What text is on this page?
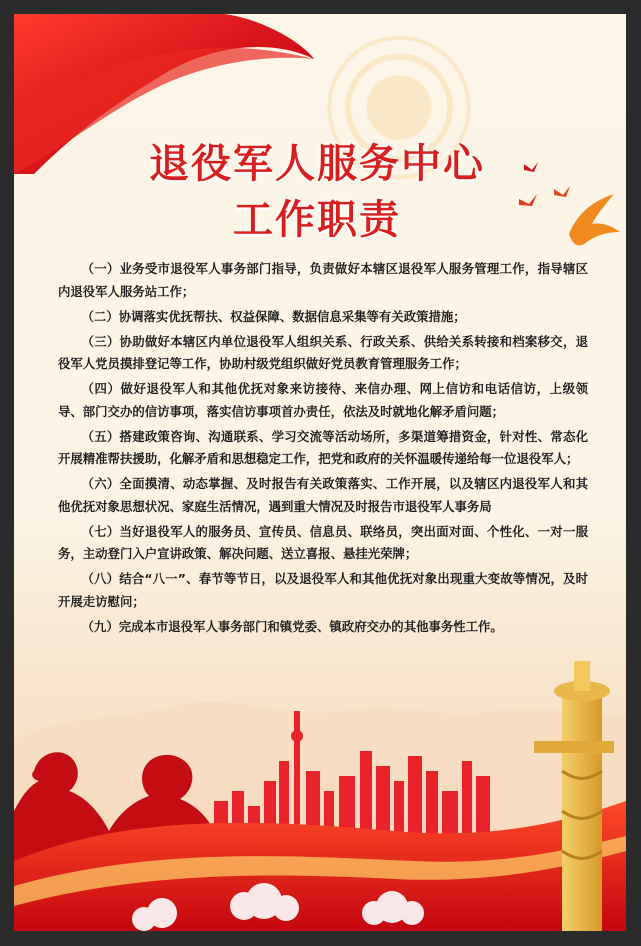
退役军人服务中心
工作职责

（一）业务受市退役军人事务部门指导，负责做好本辖区退役军人服务管理工作，指导辖区内退役军人服务站工作；

（二）协调落实优抚帮扶、权益保障、数据信息采集等有关政策措施；

（三）协助做好本辖区内单位退役军人组织关系、行政关系、供给关系转接和档案移交，退役军人党员摸排登记等工作，协助村级党组织做好党员教育管理服务工作；

（四）做好退役军人和其他优抚对象来访接待、来信办理、网上信访和电话信访，上级领导、部门交办的信访事项，落实信访事项首办责任，依法及时就地化解矛盾问题；

（五）搭建政策咨询、沟通联系、学习交流等活动场所，多渠道筹措资金，针对性、常态化开展精准帮扶援助，化解矛盾和思想稳定工作，把党和政府的关怀温暖传递给每一位退役军人；

（六）全面摸清、动态掌握、及时报告有关政策落实、工作开展，以及辖区内退役军人和其他优抚对象思想状况、家庭生活情况，遇到重大情况及时报告市退役军人事务局

（七）当好退役军人的服务员、宣传员、信息员、联络员，突出面对面、个性化、一对一服务，主动登门入户宣讲政策、解决问题、送立喜报、悬挂光荣牌；

（八）结合“八一”、春节等节日，以及退役军人和其他优抚对象出现重大变故等情况，及时开展走访慰问；

（九）完成本市退役军人事务部门和镇党委、镇政府交办的其他事务性工作。
